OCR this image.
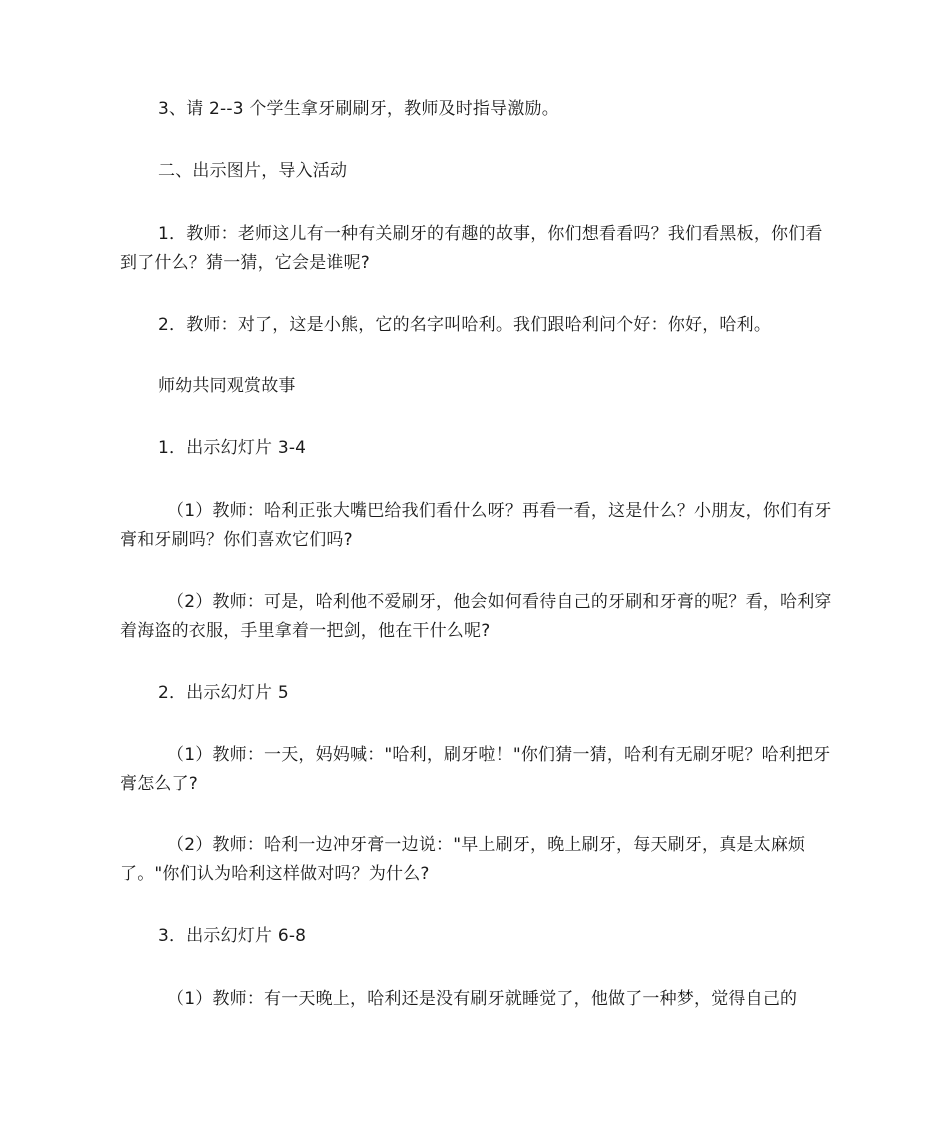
3、请 2--3 个学生拿牙刷刷牙，教师及时指导激励。

二、出示图片，导入活动

1．教师：老师这儿有一种有关刷牙的有趣的故事，你们想看看吗？我们看黑板，你们看到了什么？猜一猜，它会是谁呢?

2．教师：对了，这是小熊，它的名字叫哈利。我们跟哈利问个好：你好，哈利。

师幼共同观赏故事

1．出示幻灯片 3-4

（1）教师：哈利正张大嘴巴给我们看什么呀？再看一看，这是什么？小朋友，你们有牙膏和牙刷吗？你们喜欢它们吗?

（2）教师：可是，哈利他不爱刷牙，他会如何看待自己的牙刷和牙膏的呢？看，哈利穿着海盗的衣服，手里拿着一把剑，他在干什么呢?

2．出示幻灯片 5

（1）教师：一天，妈妈喊："哈利，刷牙啦！"你们猜一猜，哈利有无刷牙呢？哈利把牙膏怎么了?

（2）教师：哈利一边冲牙膏一边说："早上刷牙，晚上刷牙，每天刷牙，真是太麻烦了。"你们认为哈利这样做对吗？为什么?

3．出示幻灯片 6-8

（1）教师：有一天晚上，哈利还是没有刷牙就睡觉了，他做了一种梦，觉得自己的
